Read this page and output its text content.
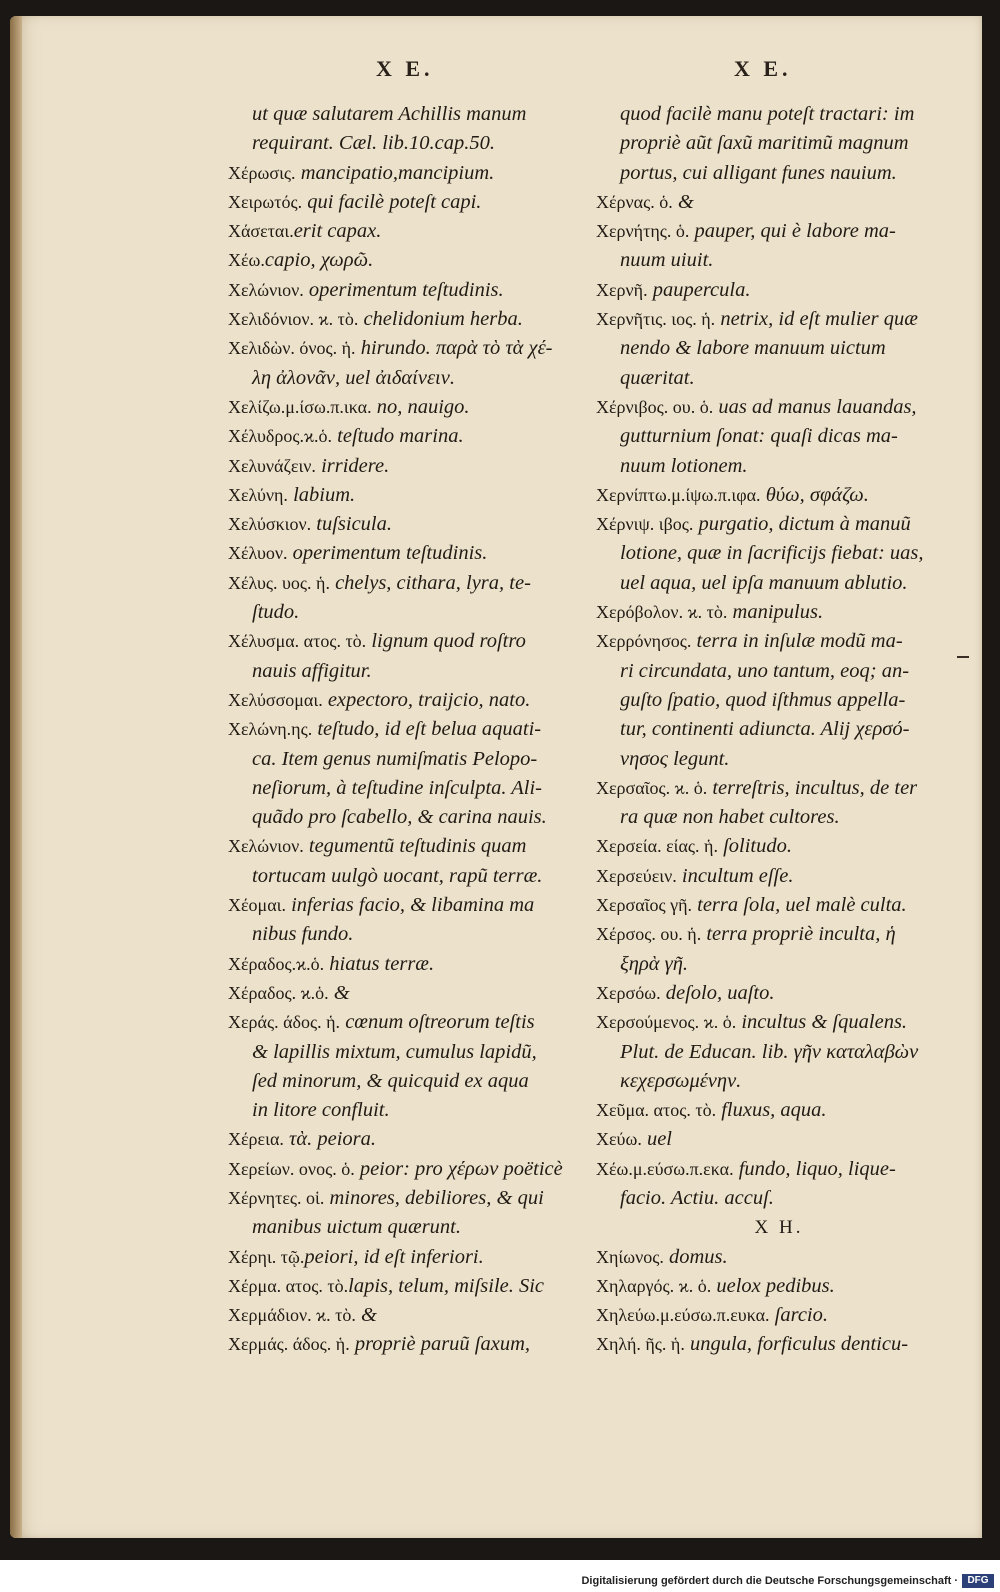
X E.	X E.
ut quæ salutarem Achillis manum
requirant. Cæl. lib.10.cap.50.
Χέρωσις. mancipatio,mancipium.
Χειρωτός. qui facilè poteſt capi.
Χάσεται.erit capax.
Χέω.capio, χωρῶ.
Χελώνιον. operimentum teſtudinis.
Χελιδόνιον. ϰ. τὸ. chelidonium herba.
Χελιδὼν. όνος. ἡ. hirundo. παρὰ τὸ τὰ χέ-
λη ἀλονᾶν, uel ἀιδαίνειν.
Χελίζω.μ.ίσω.π.ικα. no, nauigo.
Χέλυδρος.ϰ.ὁ. teſtudo marina.
Χελυνάζειν. irridere.
Χελύνη. labium.
Χελύσκιον. tuſsicula.
Χέλυον. operimentum teſtudinis.
Χέλυς. υος. ἡ. chelys, cithara, lyra, te-
ſtudo.
Χέλυσμα. ατος. τὸ. lignum quod roſtro
nauis affigitur.
Χελύσσομαι. expectoro, traijcio, nato.
Χελώνη.ης. teſtudo, id eſt belua aquati-
ca. Item genus numiſmatis Pelopo-
neſiorum, à teſtudine inſculpta. Ali-
quãdo pro ſcabello, & carina nauis.
Χελώνιον. tegumentũ teſtudinis quam
tortucam uulgò uocant, rapũ terræ.
Χέομαι. inferias facio, & libamina ma
nibus fundo.
Χέραδος.ϰ.ὁ. hiatus terræ.
Χέραδος. ϰ.ὁ. &
Χεράς. άδος. ἡ. cœnum oſtreorum teſtis
& lapillis mixtum, cumulus lapidũ,
ſed minorum, & quicquid ex aqua
in litore confluit.
Χέρεια. τὰ. peiora.
Χερείων. ονος. ὁ. peior: pro χέρων poëticè
Χέρνητες. οἱ. minores, debiliores, & qui
manibus uictum quærunt.
Χέρηι. τῷ.peiori, id eſt inferiori.
Χέρμα. ατος. τὸ.lapis, telum, miſsile. Sic
Χερμάδιον. ϰ. τὸ. &
Χερμάς. άδος. ἡ. propriè paruũ ſaxum,
quod facilè manu poteſt tractari: im
propriè aũt ſaxũ maritimũ magnum
portus, cui alligant funes nauium.
Χέρνας. ὁ. &
Χερνήτης. ὁ. pauper, qui è labore ma-
nuum uiuit.
Χερνῆ. paupercula.
Χερνῆτις. ιος. ἡ. netrix, id eſt mulier quæ
nendo & labore manuum uictum
quæritat.
Χέρνιβος. ου. ὁ. uas ad manus lauandas,
gutturnium ſonat: quaſi dicas ma-
nuum lotionem.
Χερνίπτω.μ.ίψω.π.ιφα. θύω, σφάζω.
Χέρνιψ. ιβος. purgatio, dictum à manuũ
lotione, quæ in ſacrificijs fiebat: uas,
uel aqua, uel ipſa manuum ablutio.
Χερόβολον. ϰ. τὸ. manipulus.
Χερρόνησος. terra in inſulæ modũ ma-
ri circundata, uno tantum, eoq; an-
guſto ſpatio, quod iſthmus appella-
tur, continenti adiuncta. Alij χερσό-
νησος legunt.
Χερσαῖος. ϰ. ὁ. terreſtris, incultus, de ter
ra quæ non habet cultores.
Χερσεία. είας. ἡ. ſolitudo.
Χερσεύειν. incultum eſſe.
Χερσαῖος γῆ. terra ſola, uel malè culta.
Χέρσος. ου. ἡ. terra propriè inculta, ἡ
ξηρὰ γῆ.
Χερσόω. deſolo, uaſto.
Χερσούμενος. ϰ. ὁ. incultus & ſqualens.
Plut. de Educan. lib. γῆν καταλαβὼν
κεχερσωμένην.
Χεῦμα. ατος. τὸ. fluxus, aqua.
Χεύω. uel
Χέω.μ.εύσω.π.εκα. fundo, liquo, lique-
facio. Actiu. accuſ.
X H.
Χηίωνος. domus.
Χηλαργός. ϰ. ὁ. uelox pedibus.
Χηλεύω.μ.εύσω.π.ευκα. ſarcio.
Χηλή. ῆς. ἡ. ungula, forficulus denticu-
Digitalisierung gefördert durch die Deutsche Forschungsgemeinschaft · DFG
